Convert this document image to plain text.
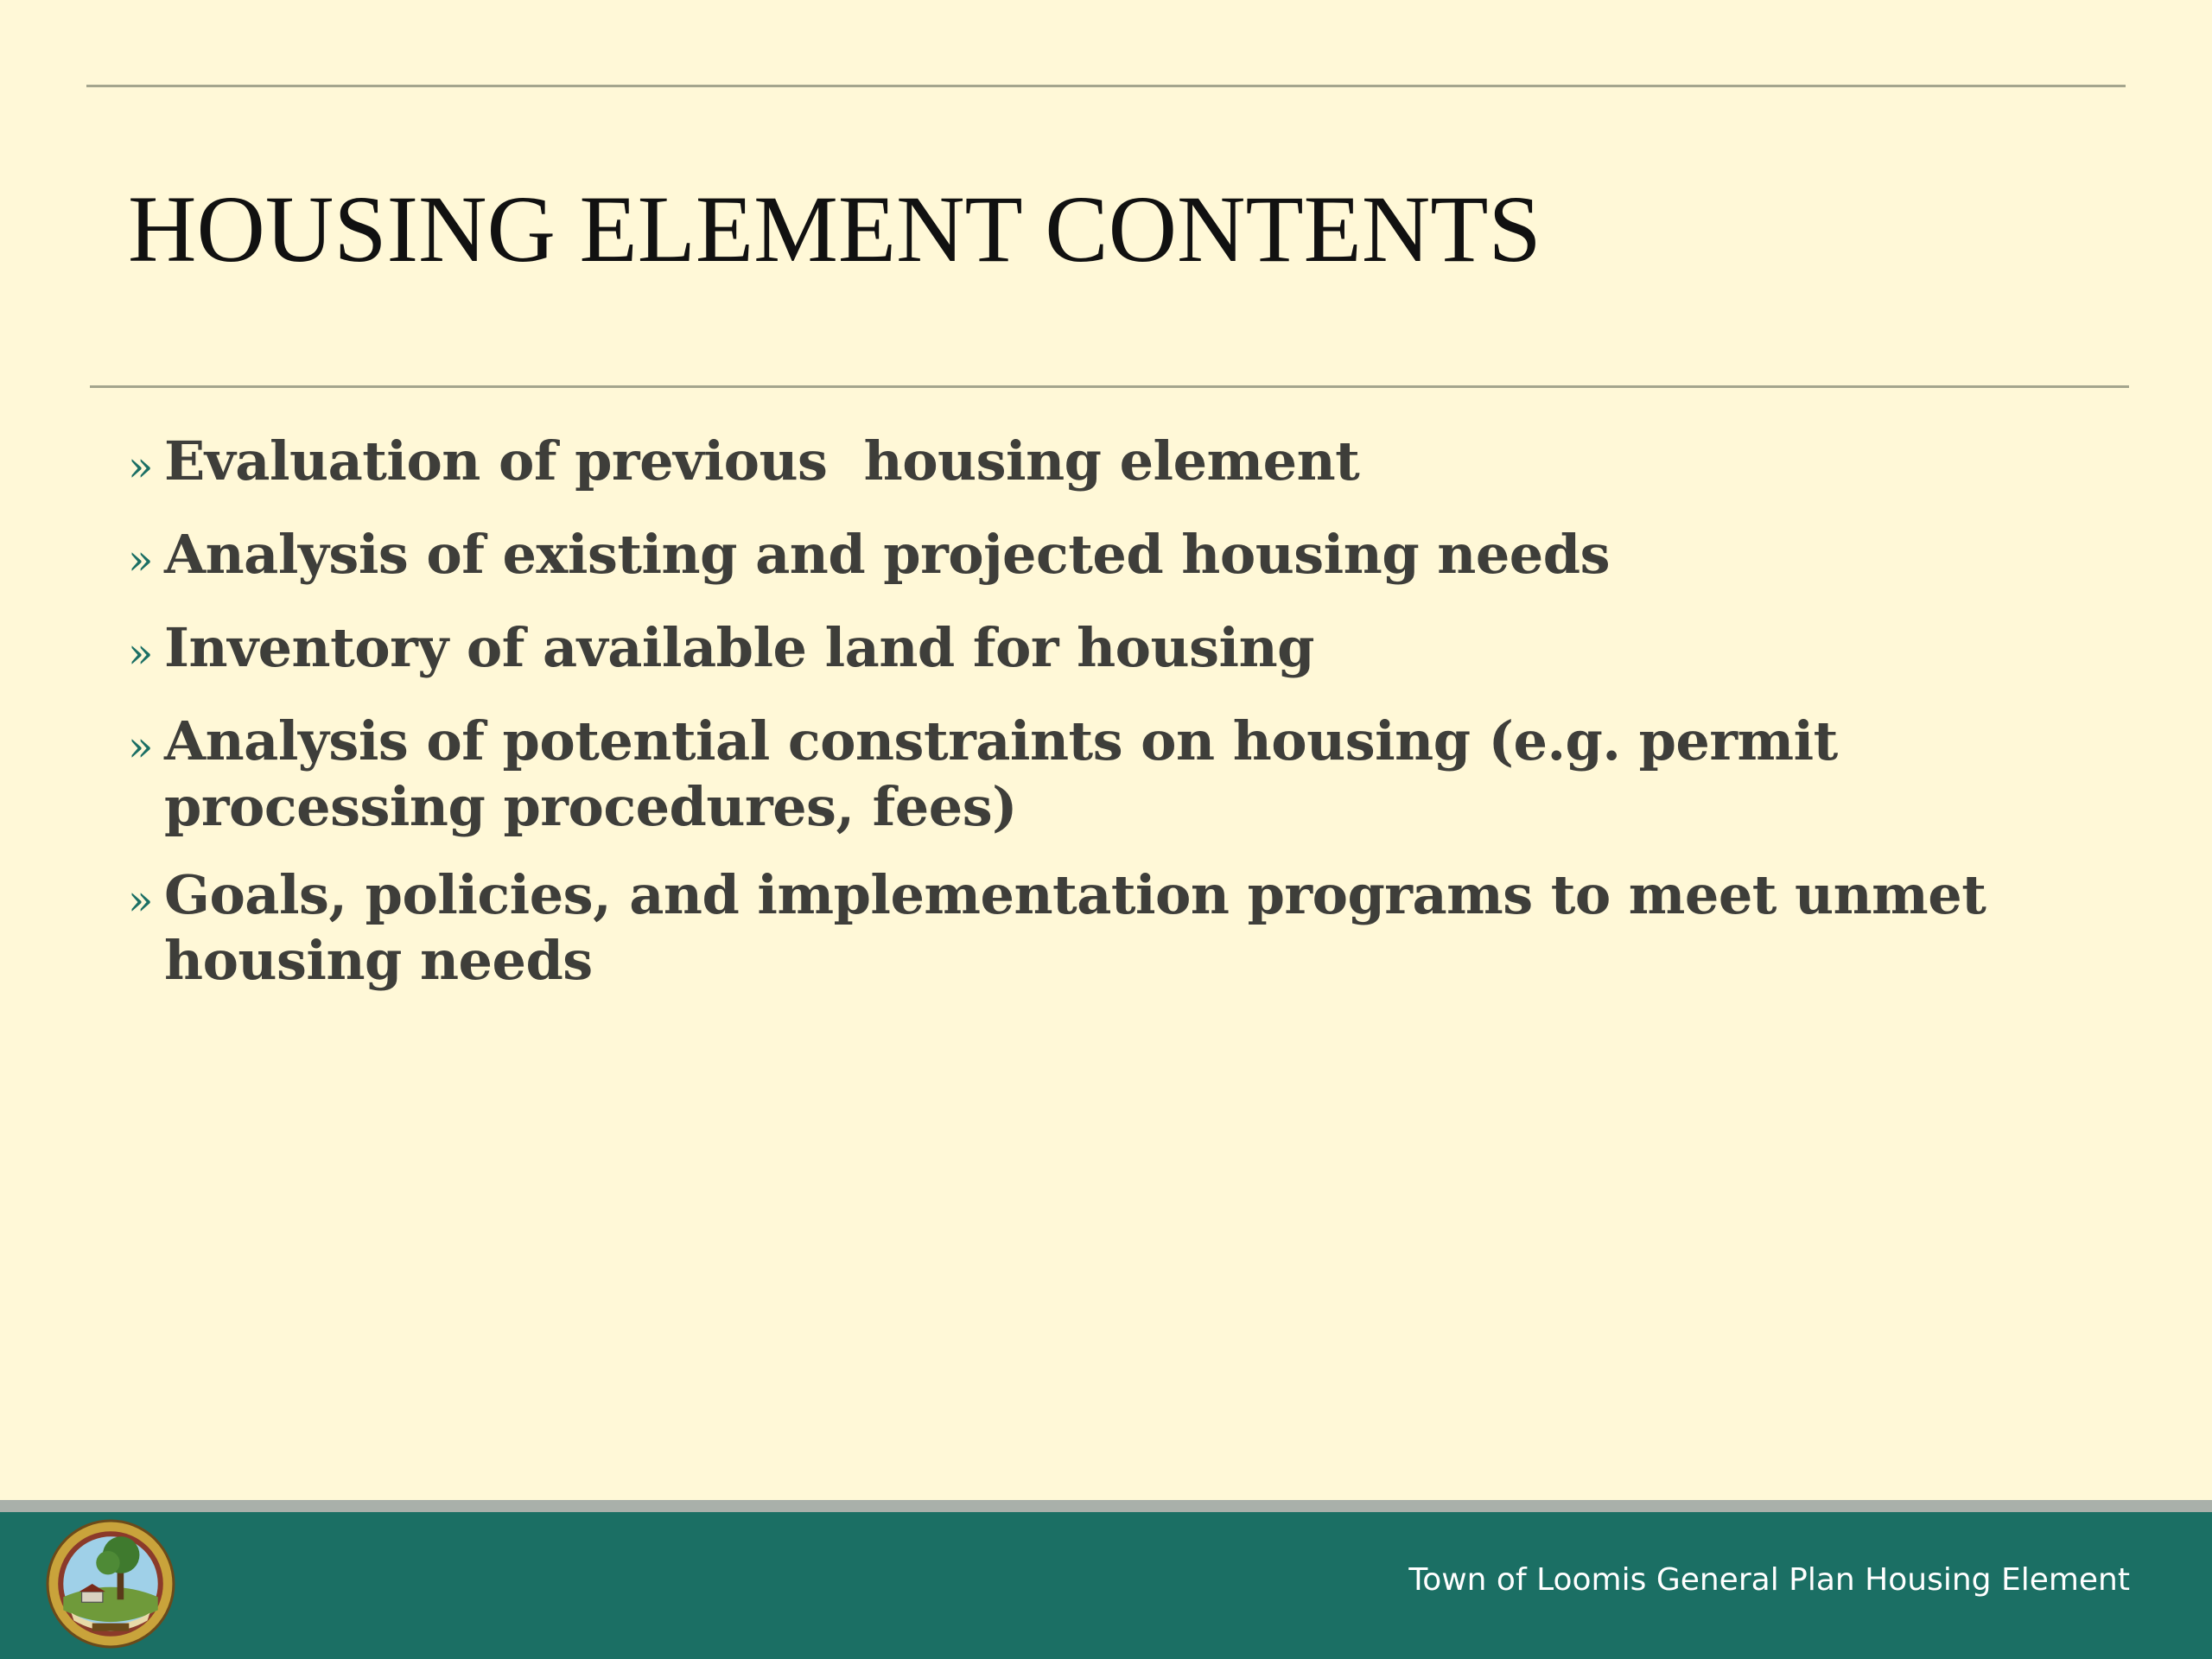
HOUSING ELEMENT CONTENTS
» Evaluation of previous  housing element
» Analysis of existing and projected housing needs
» Inventory of available land for housing
» Analysis of potential constraints on housing (e.g. permit
processing procedures, fees)
» Goals, policies, and implementation programs to meet unmet
housing needs
Town of Loomis General Plan Housing Element
